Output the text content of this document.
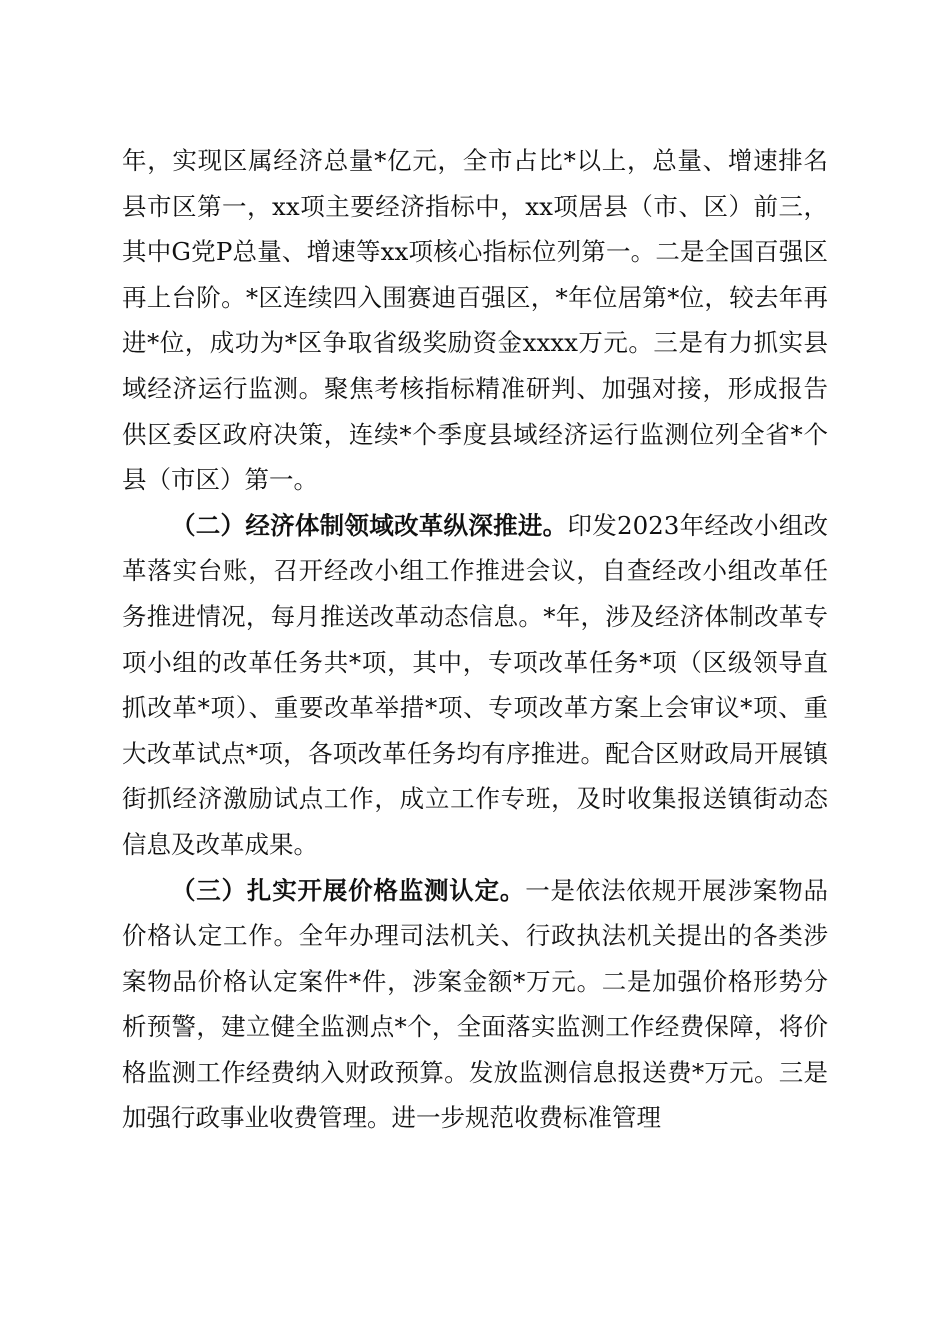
年，实现区属经济总量*亿元，全市占比*以上，总量、增速排名县市区第一，xx项主要经济指标中，xx项居县（市、区）前三，其中G党P总量、增速等xx项核心指标位列第一。二是全国百强区再上台阶。*区连续四入围赛迪百强区，*年位居第*位，较去年再进*位，成功为*区争取省级奖励资金xxxx万元。三是有力抓实县域经济运行监测。聚焦考核指标精准研判、加强对接，形成报告供区委区政府决策，连续*个季度县域经济运行监测位列全省*个县（市区）第一。

（二）经济体制领域改革纵深推进。印发2023年经改小组改革落实台账，召开经改小组工作推进会议，自查经改小组改革任务推进情况，每月推送改革动态信息。*年，涉及经济体制改革专项小组的改革任务共*项，其中，专项改革任务*项（区级领导直抓改革*项）、重要改革举措*项、专项改革方案上会审议*项、重大改革试点*项，各项改革任务均有序推进。配合区财政局开展镇街抓经济激励试点工作，成立工作专班，及时收集报送镇街动态信息及改革成果。

（三）扎实开展价格监测认定。一是依法依规开展涉案物品价格认定工作。全年办理司法机关、行政执法机关提出的各类涉案物品价格认定案件*件，涉案金额*万元。二是加强价格形势分析预警，建立健全监测点*个，全面落实监测工作经费保障，将价格监测工作经费纳入财政预算。发放监测信息报送费*万元。三是加强行政事业收费管理。进一步规范收费标准管理
